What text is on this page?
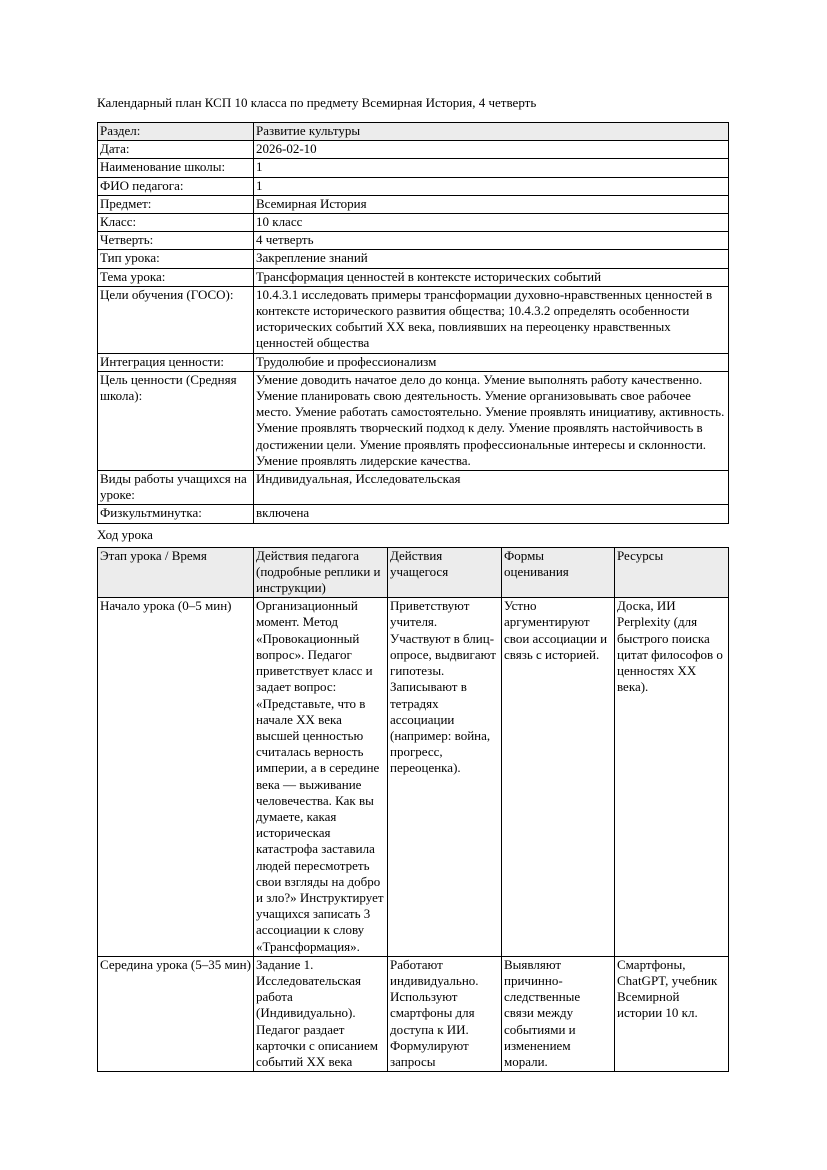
Календарный план КСП 10 класса по предмету Всемирная История, 4 четверть

Раздел:	Развитие культуры
Дата:	2026-02-10
Наименование школы:	1
ФИО педагога:	1
Предмет:	Всемирная История
Класс:	10 класс
Четверть:	4 четверть
Тип урока:	Закрепление знаний
Тема урока:	Трансформация ценностей в контексте исторических событий
Цели обучения (ГОСО):	10.4.3.1 исследовать примеры трансформации духовно-нравственных ценностей в контексте исторического развития общества; 10.4.3.2 определять особенности исторических событий XX века, повлиявших на переоценку нравственных ценностей общества
Интеграция ценности:	Трудолюбие и профессионализм
Цель ценности (Средняя школа):	Умение доводить начатое дело до конца. Умение выполнять работу качественно. Умение планировать свою деятельность. Умение организовывать свое рабочее место. Умение работать самостоятельно. Умение проявлять инициативу, активность. Умение проявлять творческий подход к делу. Умение проявлять настойчивость в достижении цели. Умение проявлять профессиональные интересы и склонности. Умение проявлять лидерские качества.
Виды работы учащихся на уроке:	Индивидуальная, Исследовательская
Физкультминутка:	включена

Ход урока

Этап урока / Время	Действия педагога (подробные реплики и инструкции)	Действия учащегося	Формы оценивания	Ресурсы
Начало урока (0–5 мин)	Организационный момент. Метод «Провокационный вопрос». Педагог приветствует класс и задает вопрос: «Представьте, что в начале XX века высшей ценностью считалась верность империи, а в середине века — выживание человечества. Как вы думаете, какая историческая катастрофа заставила людей пересмотреть свои взгляды на добро и зло?» Инструктирует учащихся записать 3 ассоциации к слову «Трансформация».	Приветствуют учителя. Участвуют в блиц-опросе, выдвигают гипотезы. Записывают в тетрадях ассоциации (например: война, прогресс, переоценка).	Устно аргументируют свои ассоциации и связь с историей.	Доска, ИИ Perplexity (для быстрого поиска цитат философов о ценностях XX века).
Середина урока (5–35 мин)	Задание 1. Исследовательская работа (Индивидуально). Педагог раздает карточки с описанием событий XX века	Работают индивидуально. Используют смартфоны для доступа к ИИ. Формулируют запросы	Выявляют причинно-следственные связи между событиями и изменением морали.	Смартфоны, ChatGPT, учебник Всемирной истории 10 кл.
